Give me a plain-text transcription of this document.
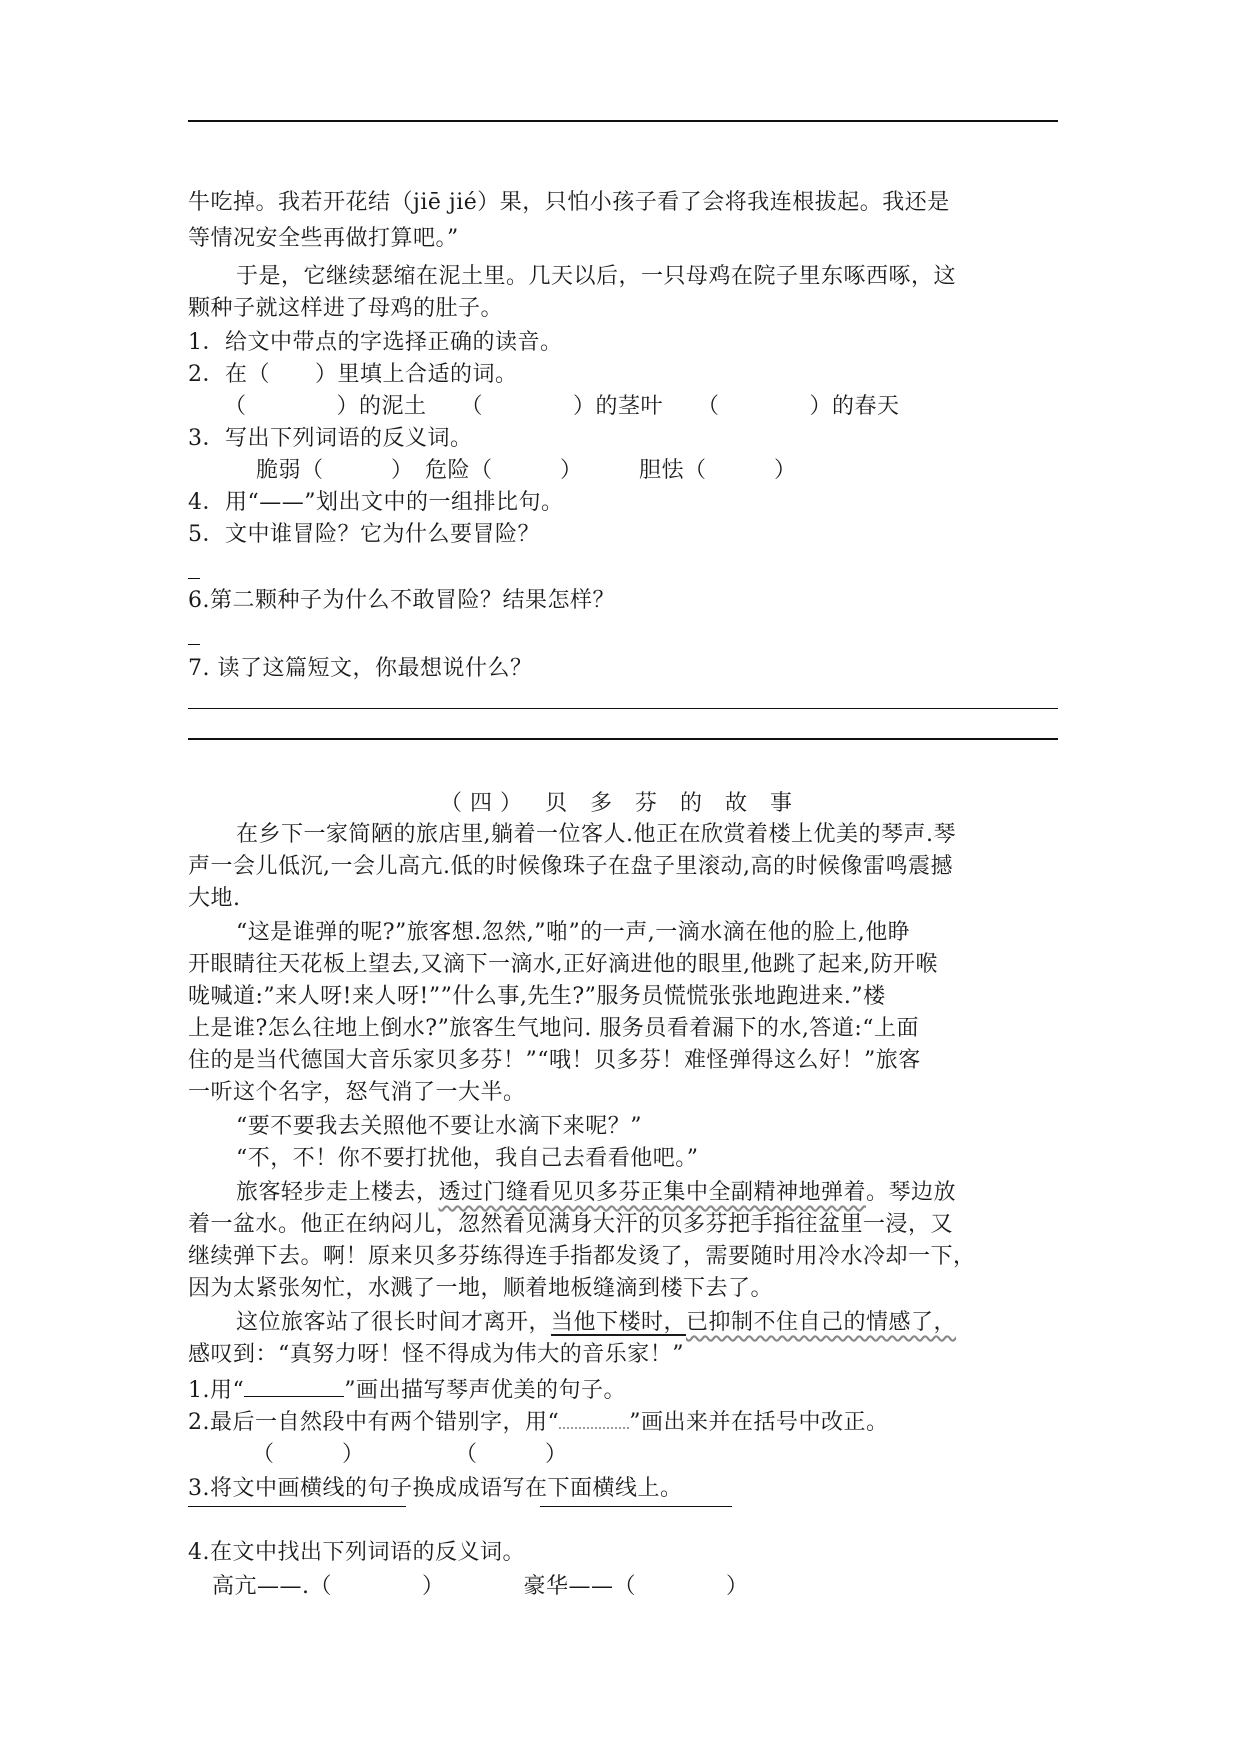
牛吃掉。我若开花结（jiē jié）果，只怕小孩子看了会将我连根拔起。我还是
等情况安全些再做打算吧。”
于是，它继续瑟缩在泥土里。几天以后，一只母鸡在院子里东啄西啄，这
颗种子就这样进了母鸡的肚子。
1．给文中带点的字选择正确的读音。
2．在（　　）里填上合适的词。
（　　　　）的泥土　　（　　　　）的茎叶　　（　　　　）的春天
3．写出下列词语的反义词。
脆弱（　　　）　危险（　　　）　　　胆怯（　　　）
4．用“——”划出文中的一组排比句。
5．文中谁冒险？它为什么要冒险？
6.第二颗种子为什么不敢冒险？结果怎样？
7. 读了这篇短文，你最想说什么？
（四） 贝 多 芬 的 故 事
在乡下一家简陋的旅店里,躺着一位客人.他正在欣赏着楼上优美的琴声.琴
声一会儿低沉,一会儿高亢.低的时候像珠子在盘子里滚动,高的时候像雷鸣震撼
大地.
“这是谁弹的呢?”旅客想.忽然,”啪”的一声,一滴水滴在他的脸上,他睁
开眼睛往天花板上望去,又滴下一滴水,正好滴进他的眼里,他跳了起来,防开喉
咙喊道:”来人呀!来人呀!””什么事,先生?”服务员慌慌张张地跑进来.”楼
上是谁?怎么往地上倒水?”旅客生气地问. 服务员看着漏下的水,答道:“上面
住的是当代德国大音乐家贝多芬！”“哦！贝多芬！难怪弹得这么好！”旅客
一听这个名字，怒气消了一大半。
“要不要我去关照他不要让水滴下来呢？”
“不，不！你不要打扰他，我自己去看看他吧。”
旅客轻步走上楼去，透过门缝看见贝多芬正集中全副精神地弹着。琴边放
着一盆水。他正在纳闷儿，忽然看见满身大汗的贝多芬把手指往盆里一浸，又
继续弹下去。啊！原来贝多芬练得连手指都发烫了，需要随时用冷水冷却一下，
因为太紧张匆忙，水溅了一地，顺着地板缝滴到楼下去了。
这位旅客站了很长时间才离开，当他下楼时，已抑制不住自己的情感了，
感叹到：“真努力呀！怪不得成为伟大的音乐家！”
1.用“	”画出描写琴声优美的句子。
2.最后一自然段中有两个错别字，用“	”画出来并在括号中改正。
（　　　）　　　　　（　　　）
3.将文中画横线的句子换成成语写在下面横线上。
4.在文中找出下列词语的反义词。
高亢——.（　　　　）　　　　豪华——（　　　　）
